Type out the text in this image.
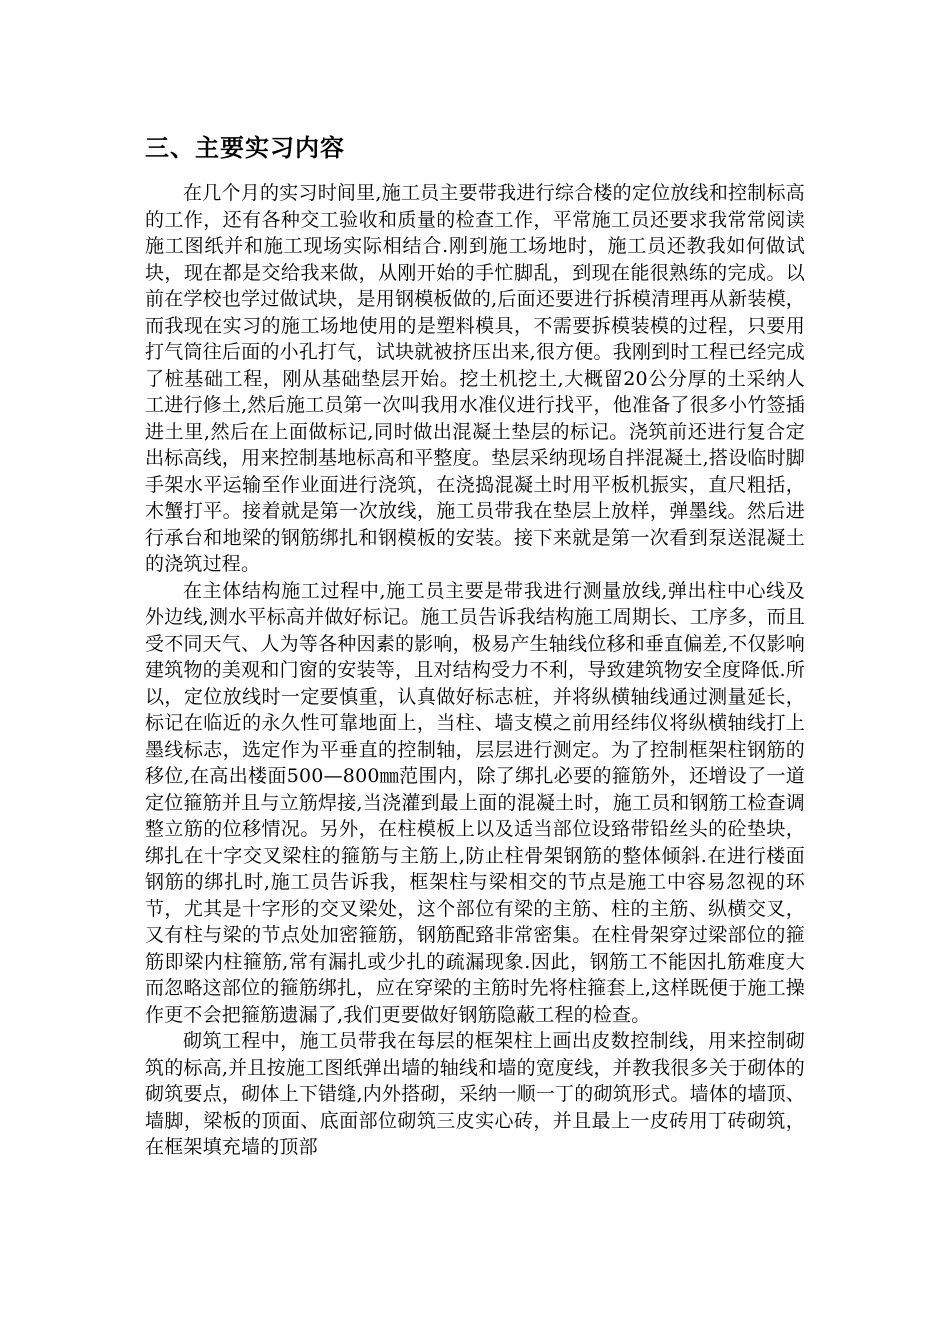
三、主要实习内容

在几个月的实习时间里,施工员主要带我进行综合楼的定位放线和控制标高的工作，还有各种交工验收和质量的检查工作，平常施工员还要求我常常阅读施工图纸并和施工现场实际相结合.刚到施工场地时，施工员还教我如何做试块，现在都是交给我来做，从刚开始的手忙脚乱，到现在能很熟练的完成。以前在学校也学过做试块，是用钢模板做的,后面还要进行拆模清理再从新装模，而我现在实习的施工场地使用的是塑料模具，不需要拆模装模的过程，只要用打气筒往后面的小孔打气，试块就被挤压出来,很方便。我刚到时工程已经完成了桩基础工程，刚从基础垫层开始。挖土机挖土,大概留20公分厚的土采纳人工进行修土,然后施工员第一次叫我用水准仪进行找平，他准备了很多小竹签插进土里,然后在上面做标记,同时做出混凝土垫层的标记。浇筑前还进行复合定出标高线，用来控制基地标高和平整度。垫层采纳现场自拌混凝土,搭设临时脚手架水平运输至作业面进行浇筑，在浇捣混凝土时用平板机振实，直尺粗括，木蟹打平。接着就是第一次放线，施工员带我在垫层上放样，弹墨线。然后进行承台和地梁的钢筋绑扎和钢模板的安装。接下来就是第一次看到泵送混凝土的浇筑过程。

在主体结构施工过程中,施工员主要是带我进行测量放线,弹出柱中心线及外边线,测水平标高并做好标记。施工员告诉我结构施工周期长、工序多，而且受不同天气、人为等各种因素的影响，极易产生轴线位移和垂直偏差,不仅影响建筑物的美观和门窗的安装等，且对结构受力不利，导致建筑物安全度降低.所以，定位放线时一定要慎重，认真做好标志桩，并将纵横轴线通过测量延长，标记在临近的永久性可靠地面上，当柱、墙支模之前用经纬仪将纵横轴线打上墨线标志，选定作为平垂直的控制轴，层层进行测定。为了控制框架柱钢筋的移位,在高出楼面500—800㎜范围内，除了绑扎必要的箍筋外，还增设了一道定位箍筋并且与立筋焊接,当浇灌到最上面的混凝土时，施工员和钢筋工检查调整立筋的位移情况。另外，在柱模板上以及适当部位设臵带铅丝头的砼垫块，绑扎在十字交叉梁柱的箍筋与主筋上,防止柱骨架钢筋的整体倾斜.在进行楼面钢筋的绑扎时,施工员告诉我，框架柱与梁相交的节点是施工中容易忽视的环节，尤其是十字形的交叉梁处，这个部位有梁的主筋、柱的主筋、纵横交叉，又有柱与梁的节点处加密箍筋，钢筋配臵非常密集。在柱骨架穿过梁部位的箍筋即梁内柱箍筋,常有漏扎或少扎的疏漏现象.因此，钢筋工不能因扎筋难度大而忽略这部位的箍筋绑扎，应在穿梁的主筋时先将柱箍套上,这样既便于施工操作更不会把箍筋遗漏了,我们更要做好钢筋隐蔽工程的检查。

砌筑工程中，施工员带我在每层的框架柱上画出皮数控制线，用来控制砌筑的标高,并且按施工图纸弹出墙的轴线和墙的宽度线，并教我很多关于砌体的砌筑要点，砌体上下错缝,内外搭砌，采纳一顺一丁的砌筑形式。墙体的墙顶、墙脚，梁板的顶面、底面部位砌筑三皮实心砖，并且最上一皮砖用丁砖砌筑，在框架填充墙的顶部
